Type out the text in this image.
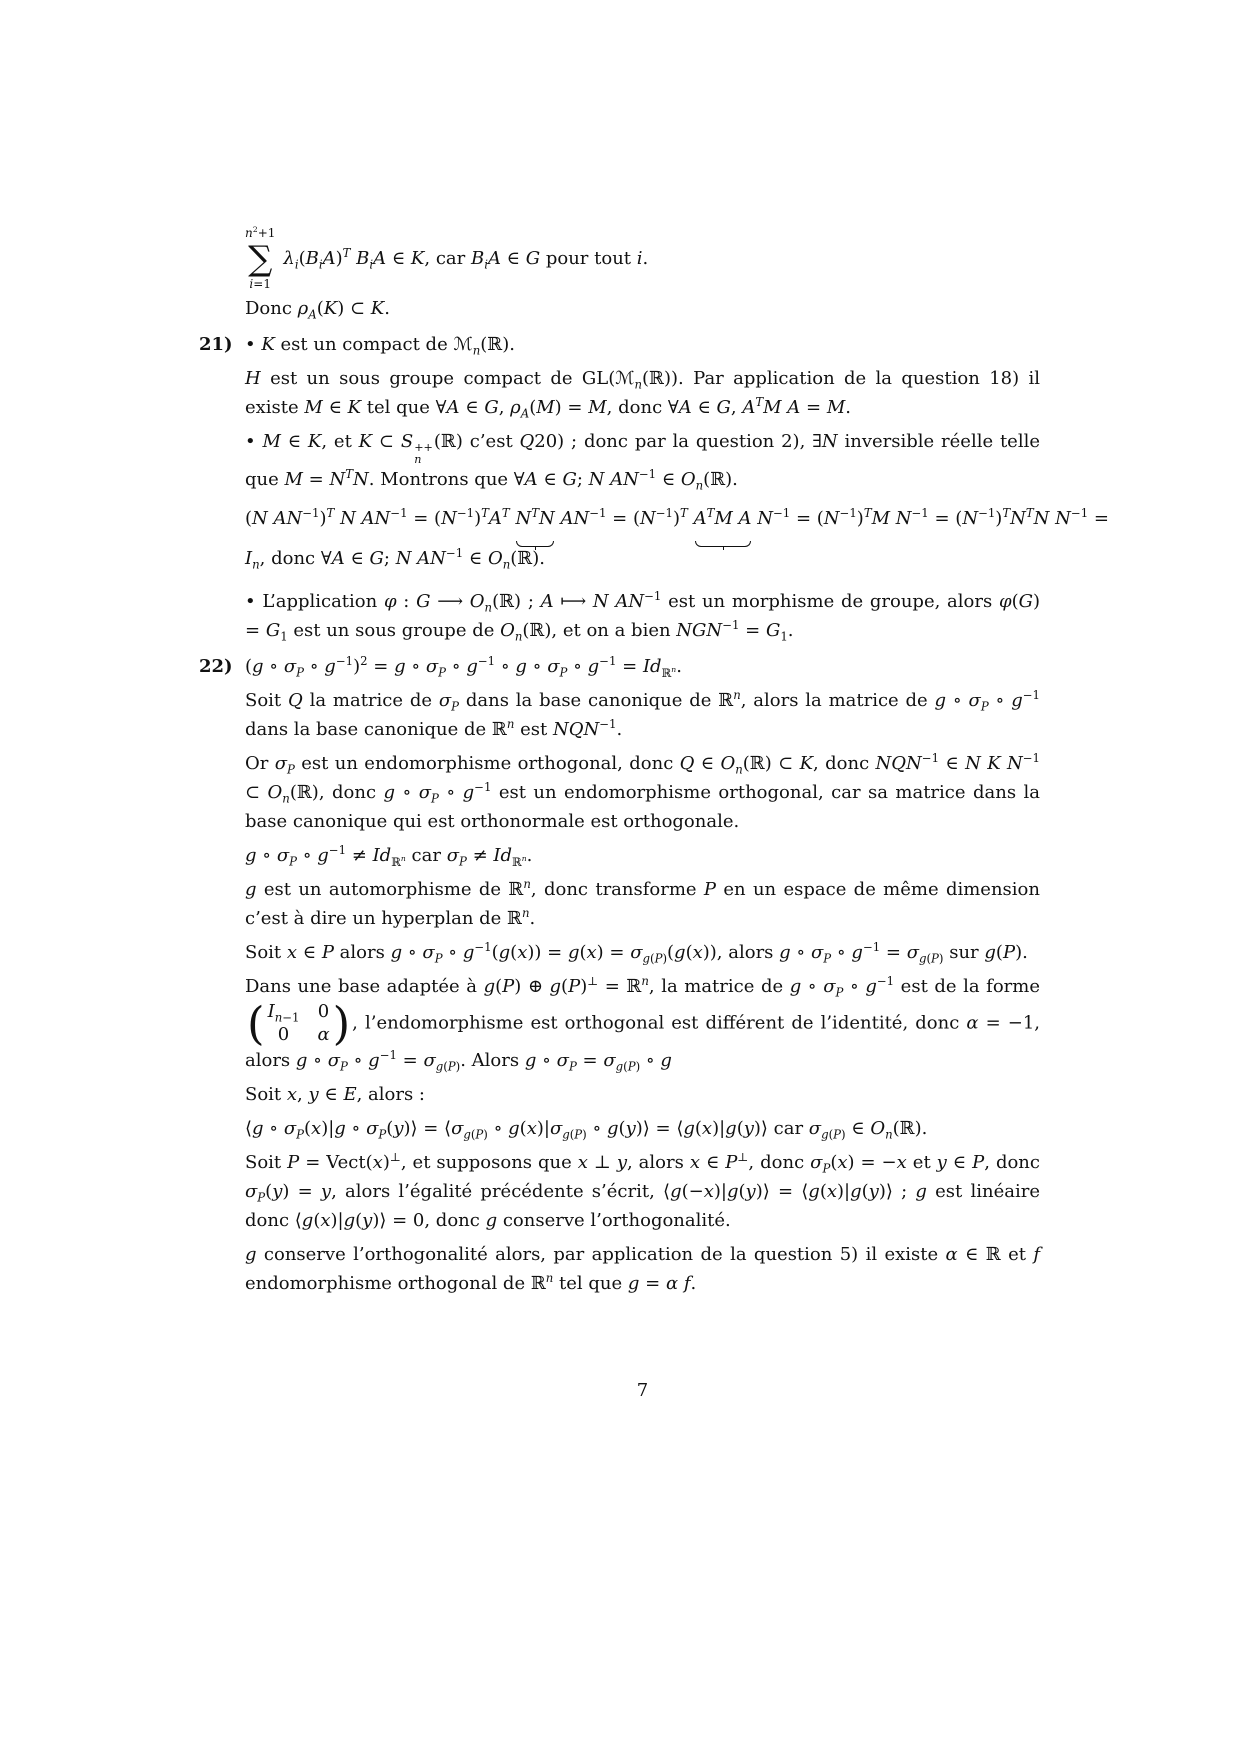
$n^2+1$
∑
i=1
$\lambda_i(B_iA)^T$ $B_iA$ ∈ K, car $B_iA$ ∈ G pour tout i.

Donc $\rho_A(K)$ ⊂ K.

21) • K est un compact de ℳ$_n$(ℝ).

H est un sous groupe compact de GL(ℳ$_n$(ℝ)). Par application de la question 18) il existe M ∈ K tel que ∀A ∈ G, $\rho_A(M) = M$, donc ∀A ∈ G, $A^TM$ A = M.

• M ∈ K, et K ⊂ S ++
n
(ℝ) c’est Q20) ; donc par la question 2), ∃N inversible réelle telle que $M = N^TN$. Montrons que ∀A ∈ G; N $AN^{-1}$ ∈ $O_n(ℝ)$.

(N $AN^{-1})^T$ N $AN^{-1} = (N^{-1})^TA^T$ $N^TN$ $AN^{-1} = (N^{-1})^T$ $A^TM$ A $N^{-1} = (N^{-1})^TM$ $N^{-1} = (N^{-1})^TN^TN$ $N^{-1} = I_n$, donc ∀A ∈ G; N $AN^{-1}$ ∈ $O_n(ℝ)$.

• L’application φ : G ⟶ $O_n(ℝ)$ ; A ⟼ N $AN^{-1}$ est un morphisme de groupe, alors $\varphi(G) = G_1$ est un sous groupe de $O_n(ℝ)$, et on a bien $NGN^{-1} = G_1$.

22) (g ∘ $\sigma_P$ ∘ $g^{-1})^2 = g$ ∘ $\sigma_P$ ∘ $g^{-1}$ ∘ g ∘ $\sigma_P$ ∘ $g^{-1} = Id_{ℝ^n}$.

Soit Q la matrice de $\sigma_P$ dans la base canonique de ℝ$^n$, alors la matrice de g ∘ $\sigma_P$ ∘ $g^{-1}$ dans la base canonique de ℝ$^n$ est $NQN^{-1}$.

Or $\sigma_P$ est un endomorphisme orthogonal, donc Q ∈ $O_n(ℝ)$ ⊂ K, donc $NQN^{-1}$ ∈ N K $N^{-1}$ ⊂ $O_n(ℝ)$, donc g ∘ $\sigma_P$ ∘ $g^{-1}$ est un endomorphisme orthogonal, car sa matrice dans la base canonique qui est orthonormale est orthogonale.

g ∘ $\sigma_P$ ∘ $g^{-1} \ne Id_{ℝ^n}$ car $\sigma_P \ne Id_{ℝ^n}$.

g est un automorphisme de ℝ$^n$, donc transforme P en un espace de même dimension c’est à dire un hyperplan de ℝ$^n$.

Soit x ∈ P alors g ∘ $\sigma_P$ ∘ $g^{-1}(g(x)) = g(x) = \sigma_{g(P)}(g(x))$, alors g ∘ $\sigma_P$ ∘ $g^{-1} = \sigma_{g(P)}$ sur g(P).

Dans une base adaptée à g(P) ⊕ g(P)⊥ = ℝ$^n$, la matrice de g ∘ $\sigma_P$ ∘ $g^{-1}$ est de la forme
( $I_{n-1}$ 0
0	α ) , l’endomorphisme est orthogonal est différent de l’identité, donc α = −1, alors g ∘ $\sigma_P$ ∘ $g^{-1} = \sigma_{g(P)}$. Alors g ∘ $\sigma_P = \sigma_{g(P)}$ ∘ g

Soit x, y ∈ E, alors :

⟨g ∘ $\sigma_P(x)|g$ ∘ $\sigma_P(y)⟩$ = $⟨\sigma_{g(P)}$ ∘ $g(x)|\sigma_{g(P)}$ ∘ g(y)⟩ = ⟨g(x)|g(y)⟩ car $\sigma_{g(P)}$ ∈ $O_n(ℝ)$.

Soit P = Vect(x)⊥, et supposons que x ⊥ y, alors x ∈ P⊥, donc $\sigma_P(x) = -x$ et y ∈ P, donc $\sigma_P(y) = y$, alors l’égalité précédente s’écrit, ⟨g(−x)|g(y)⟩ = ⟨g(x)|g(y)⟩ ; g est linéaire donc ⟨g(x)|g(y)⟩ = 0, donc g conserve l’orthogonalité.

g conserve l’orthogonalité alors, par application de la question 5) il existe α ∈ ℝ et f endomorphisme orthogonal de ℝ$^n$ tel que g = α f.

7
